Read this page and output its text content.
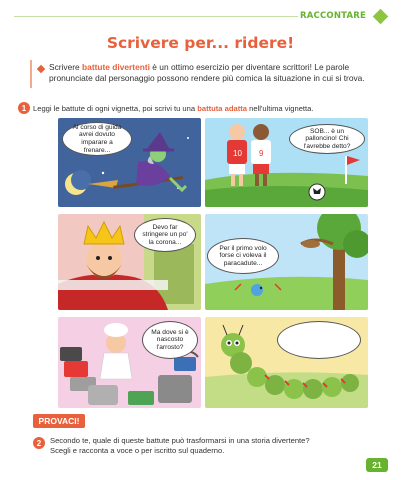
RACCONTARE
Scrivere per... ridere!

Scrivere battute divertenti è un ottimo esercizio per diventare scrittori! Le parole pronunciate dal personaggio possono rendere più comica la situazione in cui si trova.

1 Leggi le battute di ogni vignetta, poi scrivi tu una battuta adatta nell'ultima vignetta.

Al corso di guida avrei dovuto imparare a frenare...	10 9
SOB... è un palloncino! Chi l'avrebbe detto?
Devo far stringere un po' la corona...
Per il primo volo forse ci voleva il paracadute...
Ma dove si è nascosto l'arrosto?
PROVACI!
2	Secondo te, quale di queste battute può trasformarsi in una storia divertente?
Scegli e racconta a voce o per iscritto sul quaderno.
21
